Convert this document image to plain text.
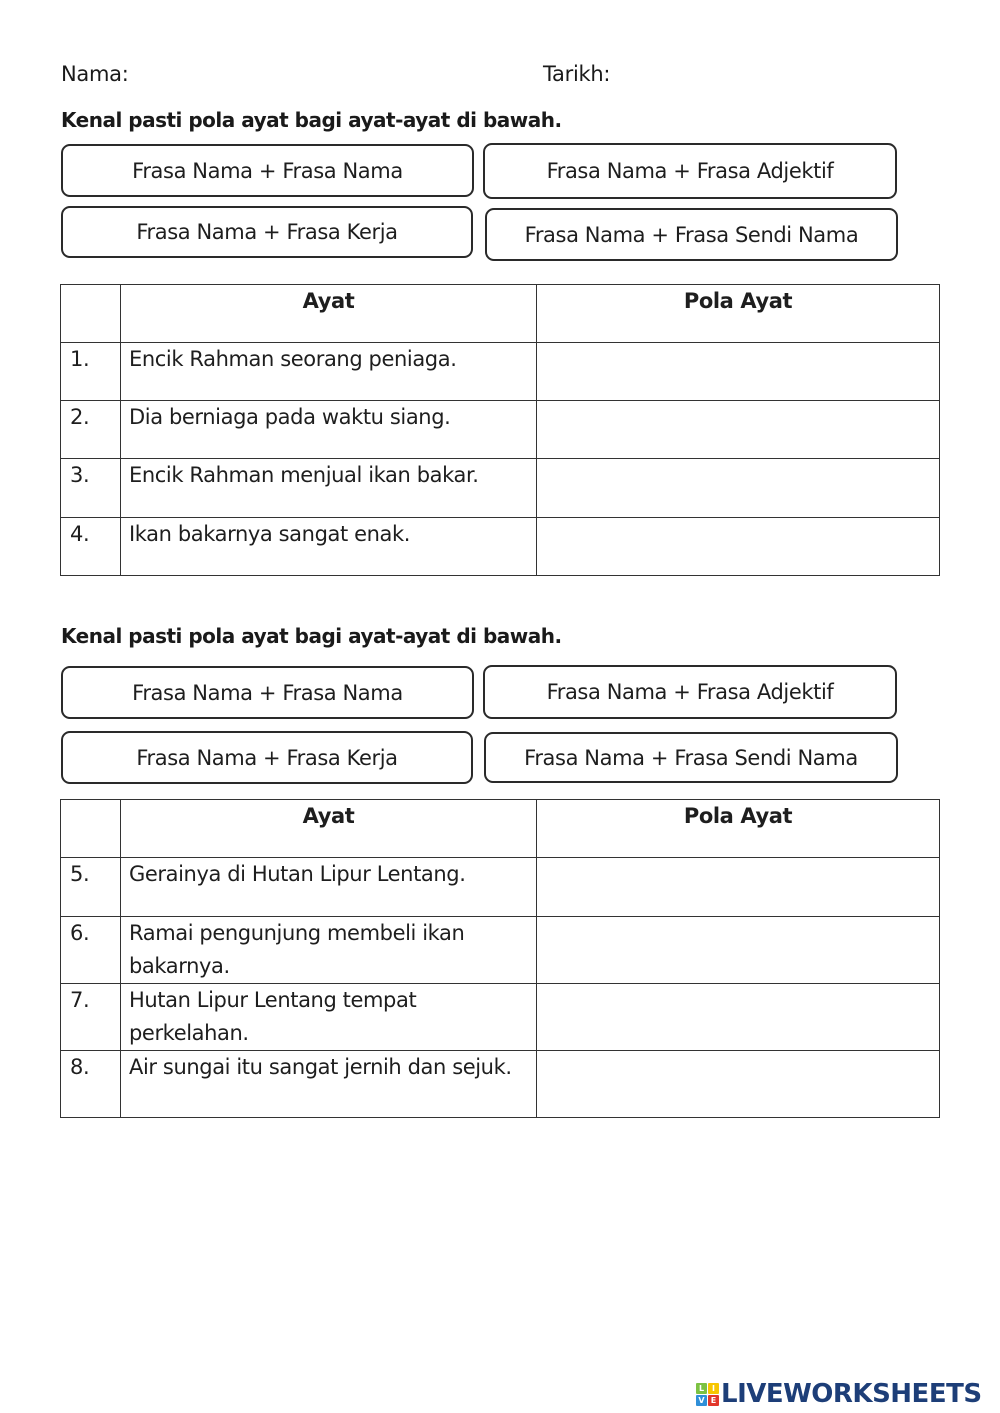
Nama:	Tarikh:
Kenal pasti pola ayat bagi ayat-ayat di bawah.
Frasa Nama + Frasa Nama	Frasa Nama + Frasa Adjektif
Frasa Nama + Frasa Kerja	Frasa Nama + Frasa Sendi Nama
	Ayat	Pola Ayat
1.	Encik Rahman seorang peniaga.	
2.	Dia berniaga pada waktu siang.	
3.	Encik Rahman menjual ikan bakar.	
4.	Ikan bakarnya sangat enak.	
Kenal pasti pola ayat bagi ayat-ayat di bawah.
Frasa Nama + Frasa Nama	Frasa Nama + Frasa Adjektif
Frasa Nama + Frasa Kerja	Frasa Nama + Frasa Sendi Nama
	Ayat	Pola Ayat
5.	Gerainya di Hutan Lipur Lentang.	
6.	Ramai pengunjung membeli ikan bakarnya.	
7.	Hutan Lipur Lentang tempat perkelahan.	
8.	Air sungai itu sangat jernih dan sejuk.	
L I
V E LIVEWORKSHEETS
